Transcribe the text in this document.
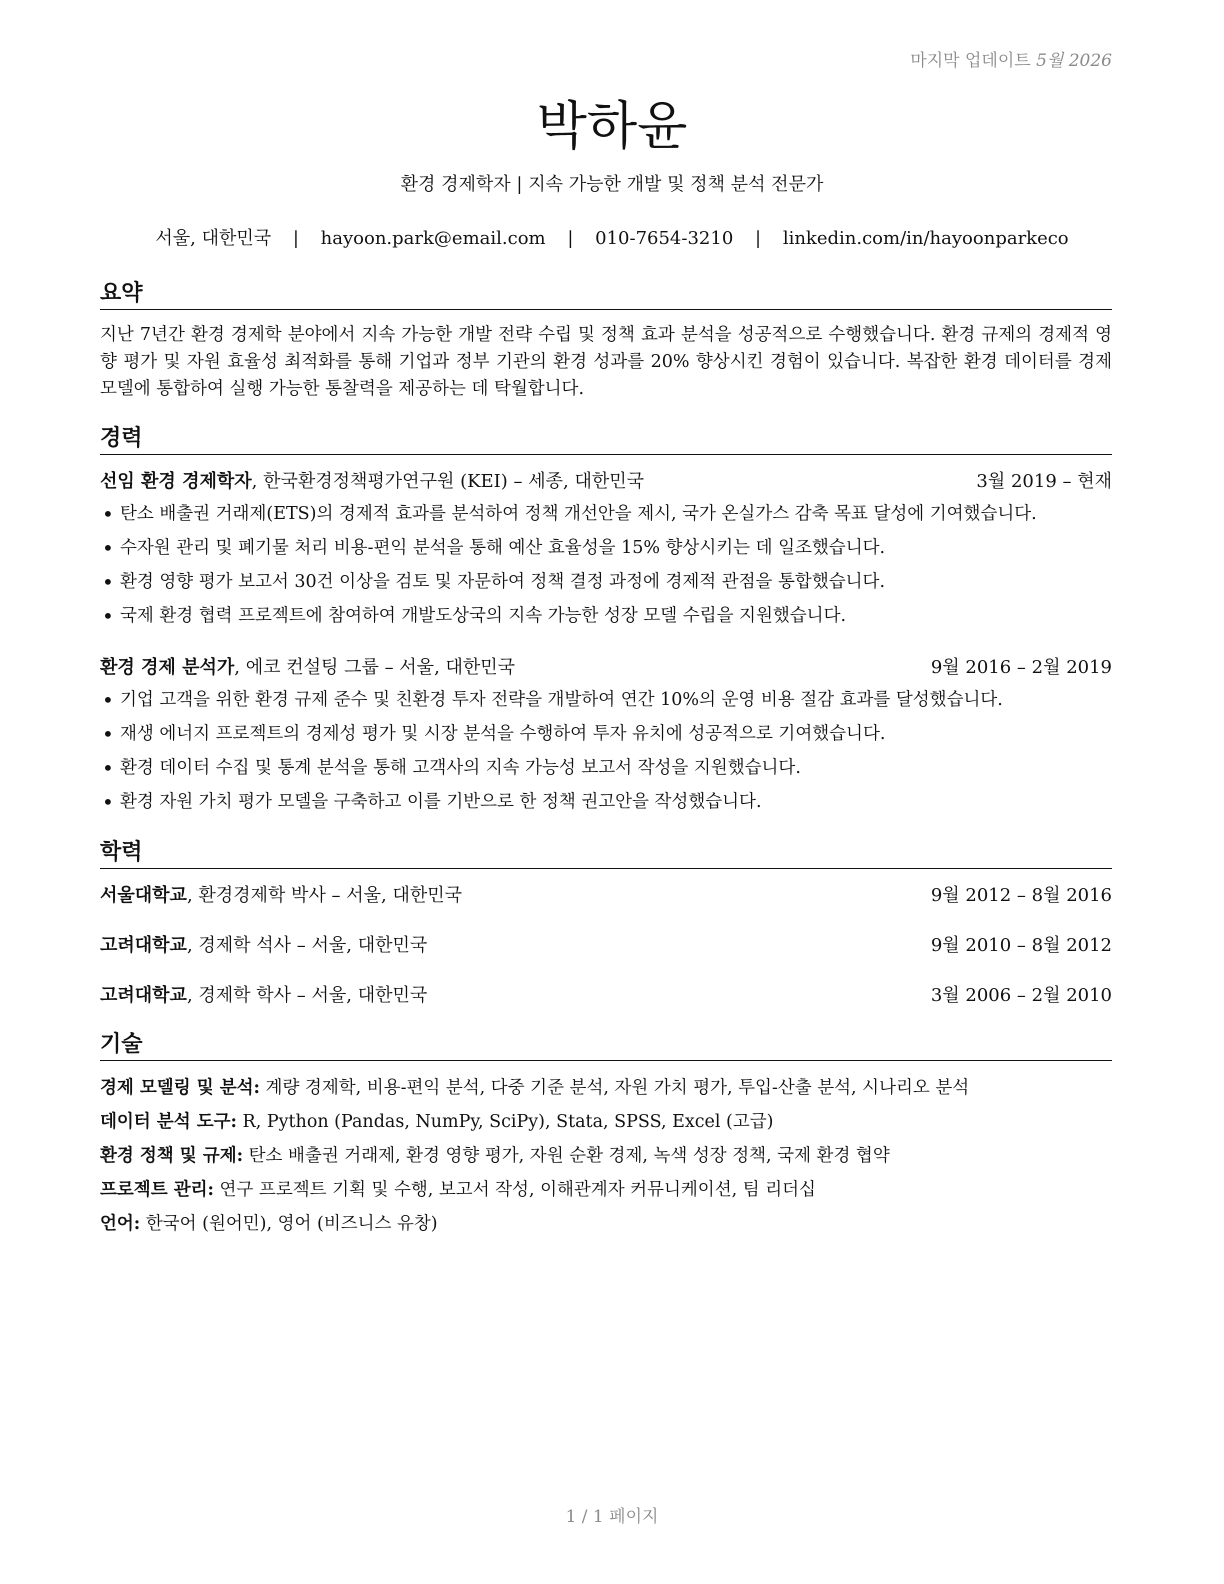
마지막 업데이트 5월 2026
박하윤
환경 경제학자 | 지속 가능한 개발 및 정책 분석 전문가
서울, 대한민국 | hayoon.park@email.com | 010-7654-3210 | linkedin.com/in/hayoonparkeco
요약

지난 7년간 환경 경제학 분야에서 지속 가능한 개발 전략 수립 및 정책 효과 분석을 성공적으로 수행했습니다. 환경 규제의 경제적 영향 평가 및 자원 효율성 최적화를 통해 기업과 정부 기관의 환경 성과를 20% 향상시킨 경험이 있습니다. 복잡한 환경 데이터를 경제 모델에 통합하여 실행 가능한 통찰력을 제공하는 데 탁월합니다.

경력
선임 환경 경제학자, 한국환경정책평가연구원 (KEI) – 세종, 대한민국	3월 2019 – 현재
• 탄소 배출권 거래제(ETS)의 경제적 효과를 분석하여 정책 개선안을 제시, 국가 온실가스 감축 목표 달성에 기여했습니다.
• 수자원 관리 및 폐기물 처리 비용-편익 분석을 통해 예산 효율성을 15% 향상시키는 데 일조했습니다.
• 환경 영향 평가 보고서 30건 이상을 검토 및 자문하여 정책 결정 과정에 경제적 관점을 통합했습니다.
• 국제 환경 협력 프로젝트에 참여하여 개발도상국의 지속 가능한 성장 모델 수립을 지원했습니다.
환경 경제 분석가, 에코 컨설팅 그룹 – 서울, 대한민국	9월 2016 – 2월 2019
• 기업 고객을 위한 환경 규제 준수 및 친환경 투자 전략을 개발하여 연간 10%의 운영 비용 절감 효과를 달성했습니다.
• 재생 에너지 프로젝트의 경제성 평가 및 시장 분석을 수행하여 투자 유치에 성공적으로 기여했습니다.
• 환경 데이터 수집 및 통계 분석을 통해 고객사의 지속 가능성 보고서 작성을 지원했습니다.
• 환경 자원 가치 평가 모델을 구축하고 이를 기반으로 한 정책 권고안을 작성했습니다.
학력
서울대학교, 환경경제학 박사 – 서울, 대한민국	9월 2012 – 8월 2016
고려대학교, 경제학 석사 – 서울, 대한민국	9월 2010 – 8월 2012
고려대학교, 경제학 학사 – 서울, 대한민국	3월 2006 – 2월 2010
기술
경제 모델링 및 분석: 계량 경제학, 비용-편익 분석, 다중 기준 분석, 자원 가치 평가, 투입-산출 분석, 시나리오 분석
데이터 분석 도구: R, Python (Pandas, NumPy, SciPy), Stata, SPSS, Excel (고급)
환경 정책 및 규제: 탄소 배출권 거래제, 환경 영향 평가, 자원 순환 경제, 녹색 성장 정책, 국제 환경 협약
프로젝트 관리: 연구 프로젝트 기획 및 수행, 보고서 작성, 이해관계자 커뮤니케이션, 팀 리더십
언어: 한국어 (원어민), 영어 (비즈니스 유창)
1 / 1 페이지
